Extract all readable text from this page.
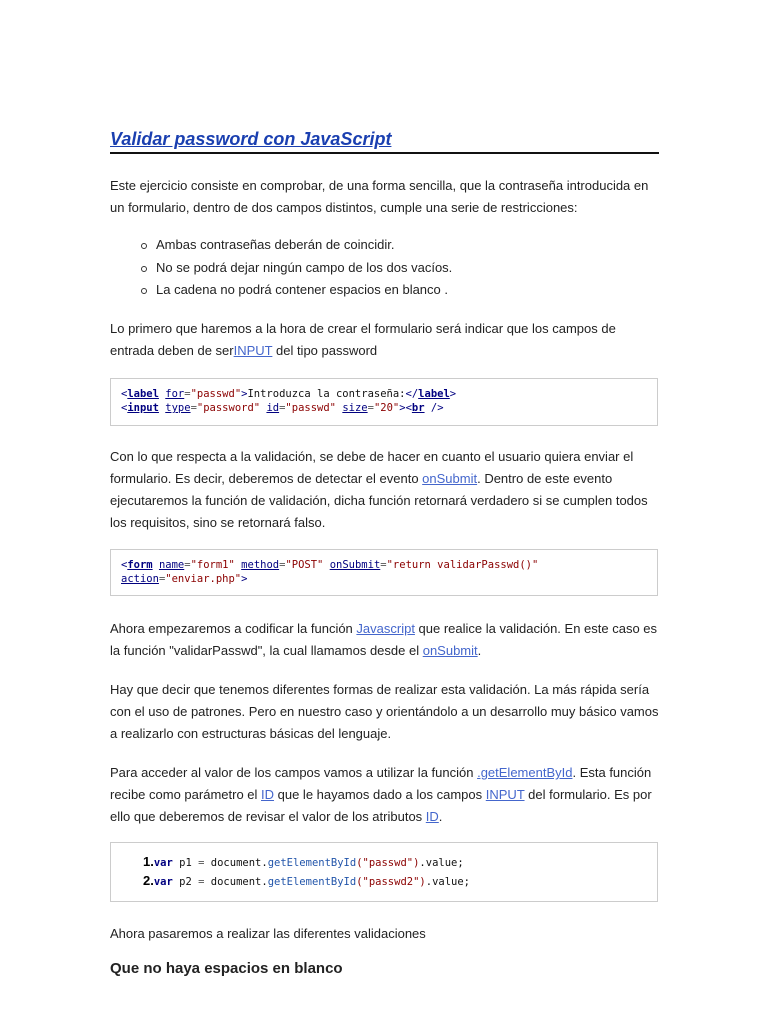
Validar password con JavaScript

Este ejercicio consiste en comprobar, de una forma sencilla, que la contraseña introducida en un formulario, dentro de dos campos distintos, cumple una serie de restricciones:

Ambas contraseñas deberán de coincidir.
No se podrá dejar ningún campo de los dos vacíos.
La cadena no podrá contener espacios en blanco .

Lo primero que haremos a la hora de crear el formulario será indicar que los campos de entrada deben de serINPUT del tipo password

<label for="passwd">Introduzca la contraseña:</label>
<input type="password" id="passwd" size="20"><br />

Con lo que respecta a la validación, se debe de hacer en cuanto el usuario quiera enviar el formulario. Es decir, deberemos de detectar el evento onSubmit. Dentro de este evento ejecutaremos la función de validación, dicha función retornará verdadero si se cumplen todos los requisitos, sino se retornará falso.

<form name="form1" method="POST" onSubmit="return validarPasswd()"
action="enviar.php">

Ahora empezaremos a codificar la función Javascript que realice la validación. En este caso es la función "validarPasswd", la cual llamamos desde el onSubmit.

Hay que decir que tenemos diferentes formas de realizar esta validación. La más rápida sería con el uso de patrones. Pero en nuestro caso y orientándolo a un desarrollo muy básico vamos a realizarlo con estructuras básicas del lenguaje.

Para acceder al valor de los campos vamos a utilizar la función .getElementById. Esta función recibe como parámetro el ID que le hayamos dado a los campos INPUT del formulario. Es por ello que deberemos de revisar el valor de los atributos ID.

1.var p1 = document.getElementById("passwd").value;
2.var p2 = document.getElementById("passwd2").value;

Ahora pasaremos a realizar las diferentes validaciones

Que no haya espacios en blanco
